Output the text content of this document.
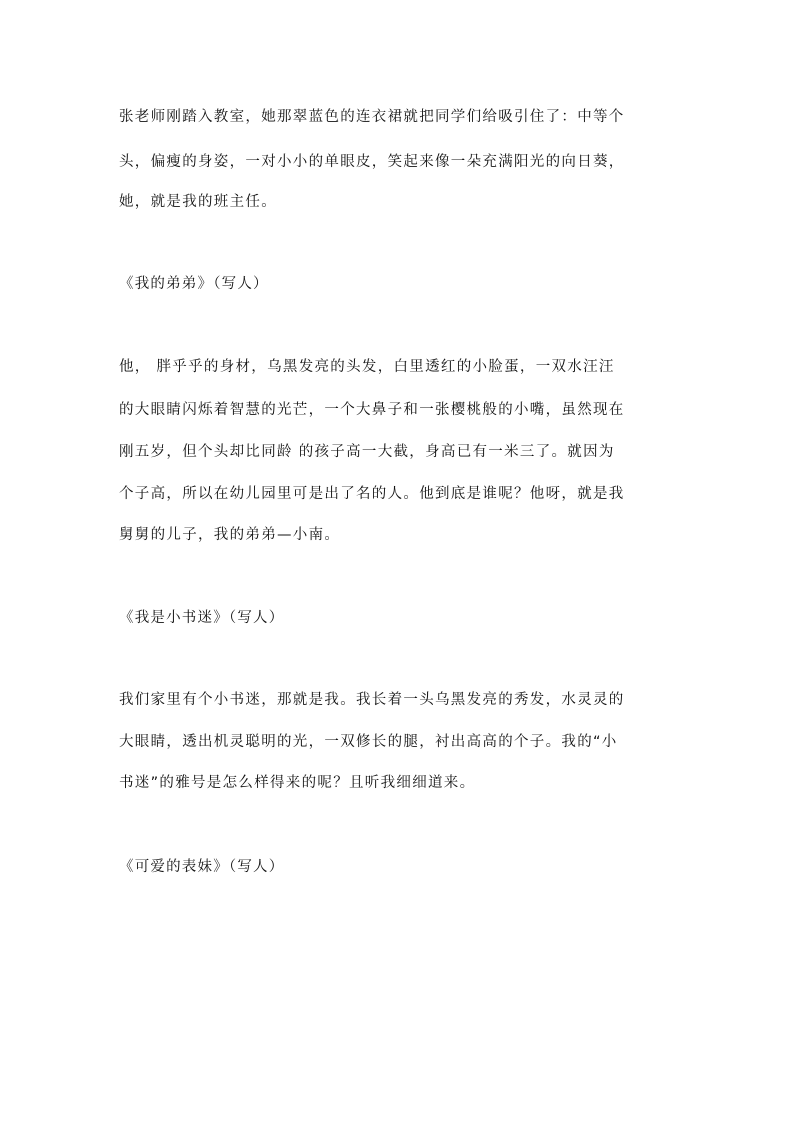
张老师刚踏入教室，她那翠蓝色的连衣裙就把同学们给吸引住了：中等个
头，偏瘦的身姿，一对小小的单眼皮，笑起来像一朵充满阳光的向日葵，
她，就是我的班主任。
《我的弟弟》（写人）
他， 胖乎乎的身材，乌黑发亮的头发，白里透红的小脸蛋，一双水汪汪
的大眼睛闪烁着智慧的光芒，一个大鼻子和一张樱桃般的小嘴，虽然现在
刚五岁，但个头却比同龄 的孩子高一大截，身高已有一米三了。就因为
个子高，所以在幼儿园里可是出了名的人。他到底是谁呢？他呀，就是我
舅舅的儿子，我的弟弟—小南。
《我是小书迷》（写人）
我们家里有个小书迷，那就是我。我长着一头乌黑发亮的秀发，水灵灵的
大眼睛，透出机灵聪明的光，一双修长的腿，衬出高高的个子。我的“小
书迷”的雅号是怎么样得来的呢？且听我细细道来。
《可爱的表妹》（写人）
